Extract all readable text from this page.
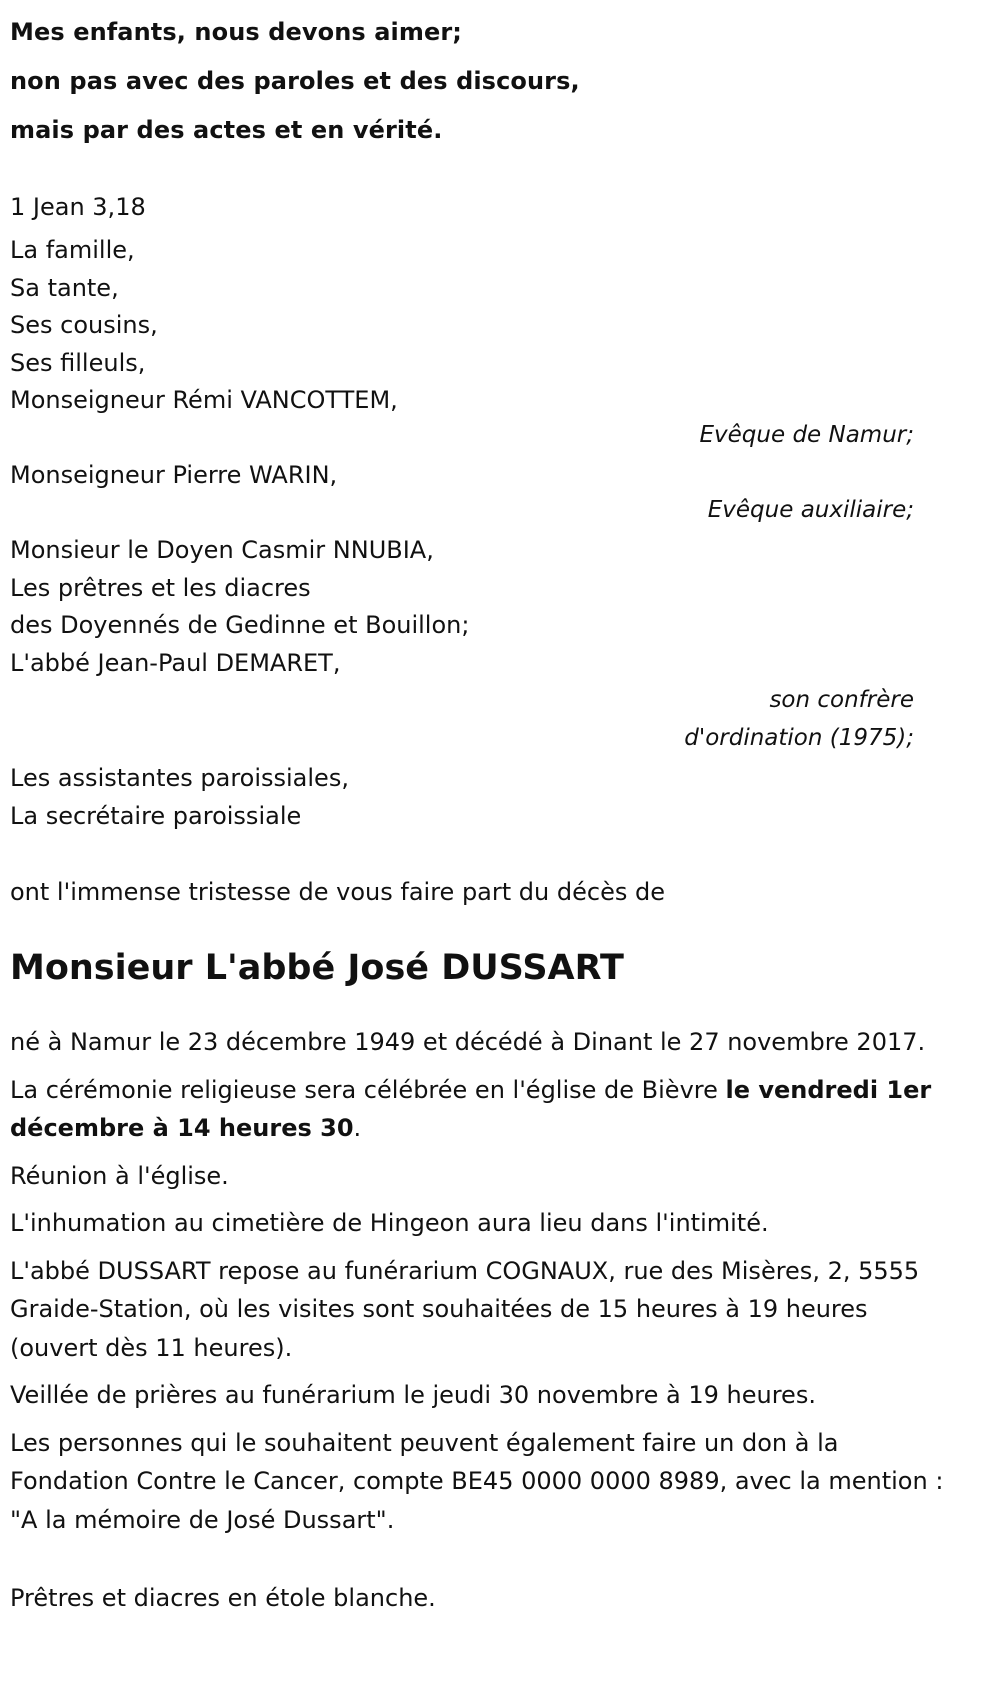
Mes enfants, nous devons aimer;
non pas avec des paroles et des discours,
mais par des actes et en vérité.
1 Jean 3,18
La famille,
Sa tante,
Ses cousins,
Ses filleuls,
Monseigneur Rémi VANCOTTEM,
Evêque de Namur;
Monseigneur Pierre WARIN,
Evêque auxiliaire;
Monsieur le Doyen Casmir NNUBIA,
Les prêtres et les diacres
des Doyennés de Gedinne et Bouillon;
L'abbé Jean-Paul DEMARET,
son confrère
d'ordination (1975);
Les assistantes paroissiales,
La secrétaire paroissiale
ont l'immense tristesse de vous faire part du décès de
Monsieur L'abbé José DUSSART

né à Namur le 23 décembre 1949 et décédé à Dinant le 27 novembre 2017.

La cérémonie religieuse sera célébrée en l'église de Bièvre le vendredi 1er décembre à 14 heures 30.

Réunion à l'église.

L'inhumation au cimetière de Hingeon aura lieu dans l'intimité.

L'abbé DUSSART repose au funérarium COGNAUX, rue des Misères, 2, 5555 Graide-Station, où les visites sont souhaitées de 15 heures à 19 heures (ouvert dès 11 heures).

Veillée de prières au funérarium le jeudi 30 novembre à 19 heures.

Les personnes qui le souhaitent peuvent également faire un don à la Fondation Contre le Cancer, compte BE45 0000 0000 8989, avec la mention : "A la mémoire de José Dussart".

Prêtres et diacres en étole blanche.
